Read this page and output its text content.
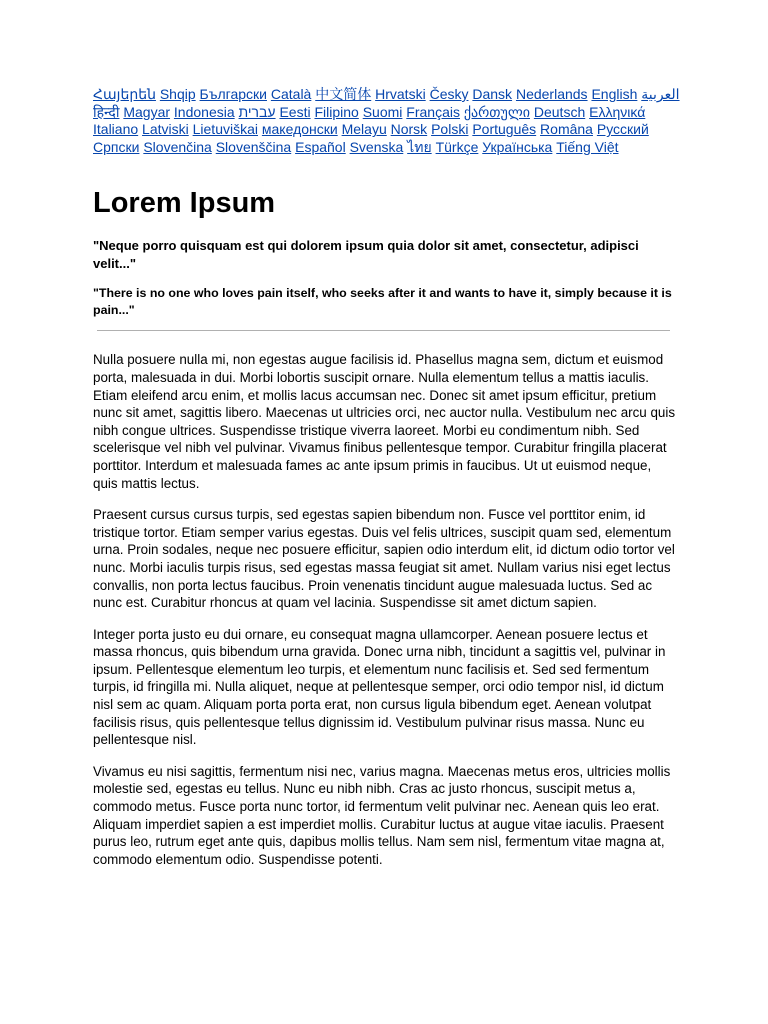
Հայերեն Shqip Български Català 中文简体 Hrvatski Česky Dansk Nederlands English العربية हिन्दी Magyar Indonesia עברית Eesti Filipino Suomi Français ქართული Deutsch Ελληνικά Italiano Latviski Lietuviškai македонски Melayu Norsk Polski Português Româna Русский Српски Slovenčina Slovenščina Español Svenska ไทย Türkçe Українська Tiếng Việt
Lorem Ipsum
"Neque porro quisquam est qui dolorem ipsum quia dolor sit amet, consectetur, adipisci velit..."
"There is no one who loves pain itself, who seeks after it and wants to have it, simply because it is pain..."

Nulla posuere nulla mi, non egestas augue facilisis id. Phasellus magna sem, dictum et euismod porta, malesuada in dui. Morbi lobortis suscipit ornare. Nulla elementum tellus a mattis iaculis. Etiam eleifend arcu enim, et mollis lacus accumsan nec. Donec sit amet ipsum efficitur, pretium nunc sit amet, sagittis libero. Maecenas ut ultricies orci, nec auctor nulla. Vestibulum nec arcu quis nibh congue ultrices. Suspendisse tristique viverra laoreet. Morbi eu condimentum nibh. Sed scelerisque vel nibh vel pulvinar. Vivamus finibus pellentesque tempor. Curabitur fringilla placerat porttitor. Interdum et malesuada fames ac ante ipsum primis in faucibus. Ut ut euismod neque, quis mattis lectus.

Praesent cursus cursus turpis, sed egestas sapien bibendum non. Fusce vel porttitor enim, id tristique tortor. Etiam semper varius egestas. Duis vel felis ultrices, suscipit quam sed, elementum urna. Proin sodales, neque nec posuere efficitur, sapien odio interdum elit, id dictum odio tortor vel nunc. Morbi iaculis turpis risus, sed egestas massa feugiat sit amet. Nullam varius nisi eget lectus convallis, non porta lectus faucibus. Proin venenatis tincidunt augue malesuada luctus. Sed ac nunc est. Curabitur rhoncus at quam vel lacinia. Suspendisse sit amet dictum sapien.

Integer porta justo eu dui ornare, eu consequat magna ullamcorper. Aenean posuere lectus et massa rhoncus, quis bibendum urna gravida. Donec urna nibh, tincidunt a sagittis vel, pulvinar in ipsum. Pellentesque elementum leo turpis, et elementum nunc facilisis et. Sed sed fermentum turpis, id fringilla mi. Nulla aliquet, neque at pellentesque semper, orci odio tempor nisl, id dictum nisl sem ac quam. Aliquam porta porta erat, non cursus ligula bibendum eget. Aenean volutpat facilisis risus, quis pellentesque tellus dignissim id. Vestibulum pulvinar risus massa. Nunc eu pellentesque nisl.

Vivamus eu nisi sagittis, fermentum nisi nec, varius magna. Maecenas metus eros, ultricies mollis molestie sed, egestas eu tellus. Nunc eu nibh nibh. Cras ac justo rhoncus, suscipit metus a, commodo metus. Fusce porta nunc tortor, id fermentum velit pulvinar nec. Aenean quis leo erat. Aliquam imperdiet sapien a est imperdiet mollis. Curabitur luctus at augue vitae iaculis. Praesent purus leo, rutrum eget ante quis, dapibus mollis tellus. Nam sem nisl, fermentum vitae magna at, commodo elementum odio. Suspendisse potenti.
